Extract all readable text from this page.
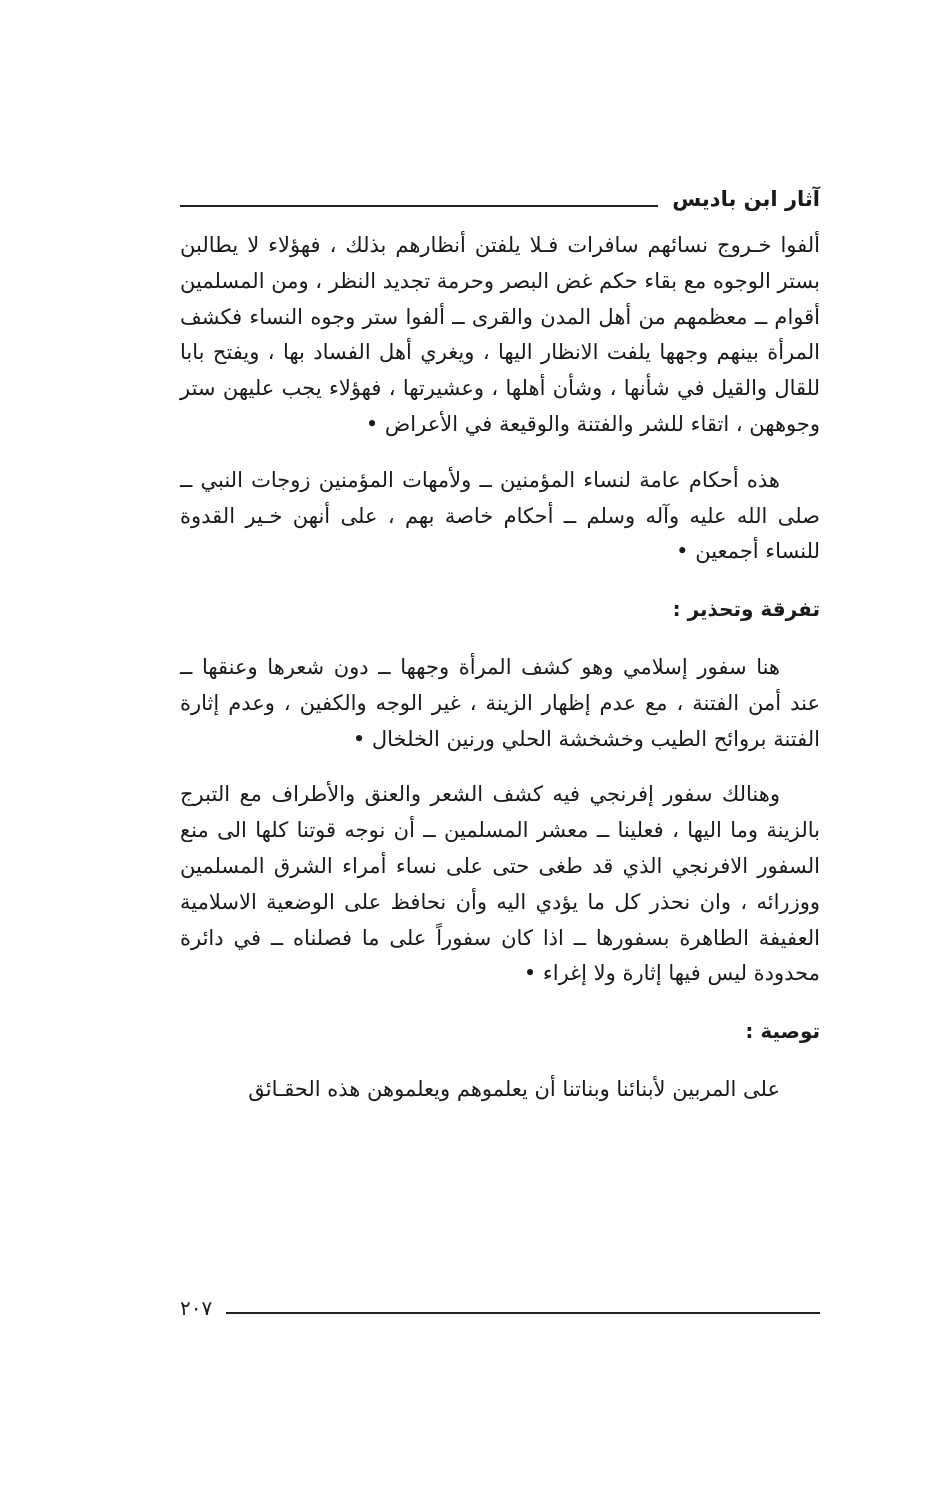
آثار ابن باديس

ألفوا خـروج نسائهم سافرات فـلا يلفتن أنظارهم بذلك ، فهؤلاء لا يطالبن بستر الوجوه مع بقاء حكم غض البصر وحرمة تجديد النظر ، ومن المسلمين أقوام ــ معظمهم من أهل المدن والقرى ــ ألفوا ستر وجوه النساء فكشف المرأة بينهم وجهها يلفت الانظار اليها ، ويغري أهل الفساد بها ، ويفتح بابا للقال والقيل في شأنها ، وشأن أهلها ، وعشيرتها ، فهؤلاء يجب عليهن ستر وجوههن ، اتقاء للشر والفتنة والوقيعة في الأعراض •

هذه أحكام عامة لنساء المؤمنين ــ ولأمهات المؤمنين زوجات النبي ــ صلى الله عليه وآله وسلم ــ أحكام خاصة بهم ، على أنهن خـير القدوة للنساء أجمعين •

تفرقة وتحذير :

هنا سفور إسلامي وهو كشف المرأة وجهها ــ دون شعرها وعنقها ــ عند أمن الفتنة ، مع عدم إظهار الزينة ، غير الوجه والكفين ، وعدم إثارة الفتنة بروائح الطيب وخشخشة الحلي ورنين الخلخال •

وهنالك سفور إفرنجي فيه كشف الشعر والعنق والأطراف مع التبرج بالزينة وما اليها ، فعلينا ــ معشر المسلمين ــ أن نوجه قوتنا كلها الى منع السفور الافرنجي الذي قد طغى حتى على نساء أمراء الشرق المسلمين ووزرائه ، وان نحذر كل ما يؤدي اليه وأن نحافظ على الوضعية الاسلامية العفيفة الطاهرة بسفورها ــ اذا كان سفوراً على ما فصلناه ــ في دائرة محدودة ليس فيها إثارة ولا إغراء •

توصية :

على المربين لأبنائنا وبناتنا أن يعلموهم ويعلموهن هذه الحقـائق

٢٠٧
